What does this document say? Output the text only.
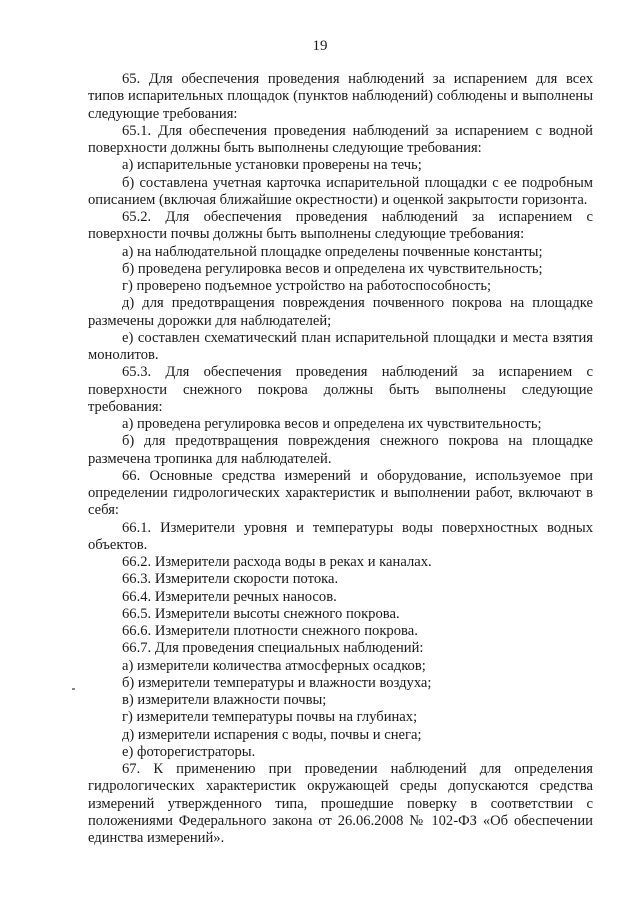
19

65. Для обеспечения проведения наблюдений за испарением для всех типов испарительных площадок (пунктов наблюдений) соблюдены и выполнены следующие требования:

65.1. Для обеспечения проведения наблюдений за испарением с водной поверхности должны быть выполнены следующие требования:

а) испарительные установки проверены на течь;

б) составлена учетная карточка испарительной площадки с ее подробным описанием (включая ближайшие окрестности) и оценкой закрытости горизонта.

65.2. Для обеспечения проведения наблюдений за испарением с поверхности почвы должны быть выполнены следующие требования:

а) на наблюдательной площадке определены почвенные константы;

б) проведена регулировка весов и определена их чувствительность;

г) проверено подъемное устройство на работоспособность;

д) для предотвращения повреждения почвенного покрова на площадке размечены дорожки для наблюдателей;

е) составлен схематический план испарительной площадки и места взятия монолитов.

65.3. Для обеспечения проведения наблюдений за испарением с поверхности снежного покрова должны быть выполнены следующие требования:

а) проведена регулировка весов и определена их чувствительность;

б) для предотвращения повреждения снежного покрова на площадке размечена тропинка для наблюдателей.

66. Основные средства измерений и оборудование, используемое при определении гидрологических характеристик и выполнении работ, включают в себя:

66.1. Измерители уровня и температуры воды поверхностных водных объектов.

66.2. Измерители расхода воды в реках и каналах.

66.3. Измерители скорости потока.

66.4. Измерители речных наносов.

66.5. Измерители высоты снежного покрова.

66.6. Измерители плотности снежного покрова.

66.7. Для проведения специальных наблюдений:

а) измерители количества атмосферных осадков;

б) измерители температуры и влажности воздуха;

в) измерители влажности почвы;

г) измерители температуры почвы на глубинах;

д) измерители испарения с воды, почвы и снега;

е) фоторегистраторы.

67. К применению при проведении наблюдений для определения гидрологических характеристик окружающей среды допускаются средства измерений утвержденного типа, прошедшие поверку в соответствии с положениями Федерального закона от 26.06.2008 № 102-ФЗ «Об обеспечении единства измерений».
